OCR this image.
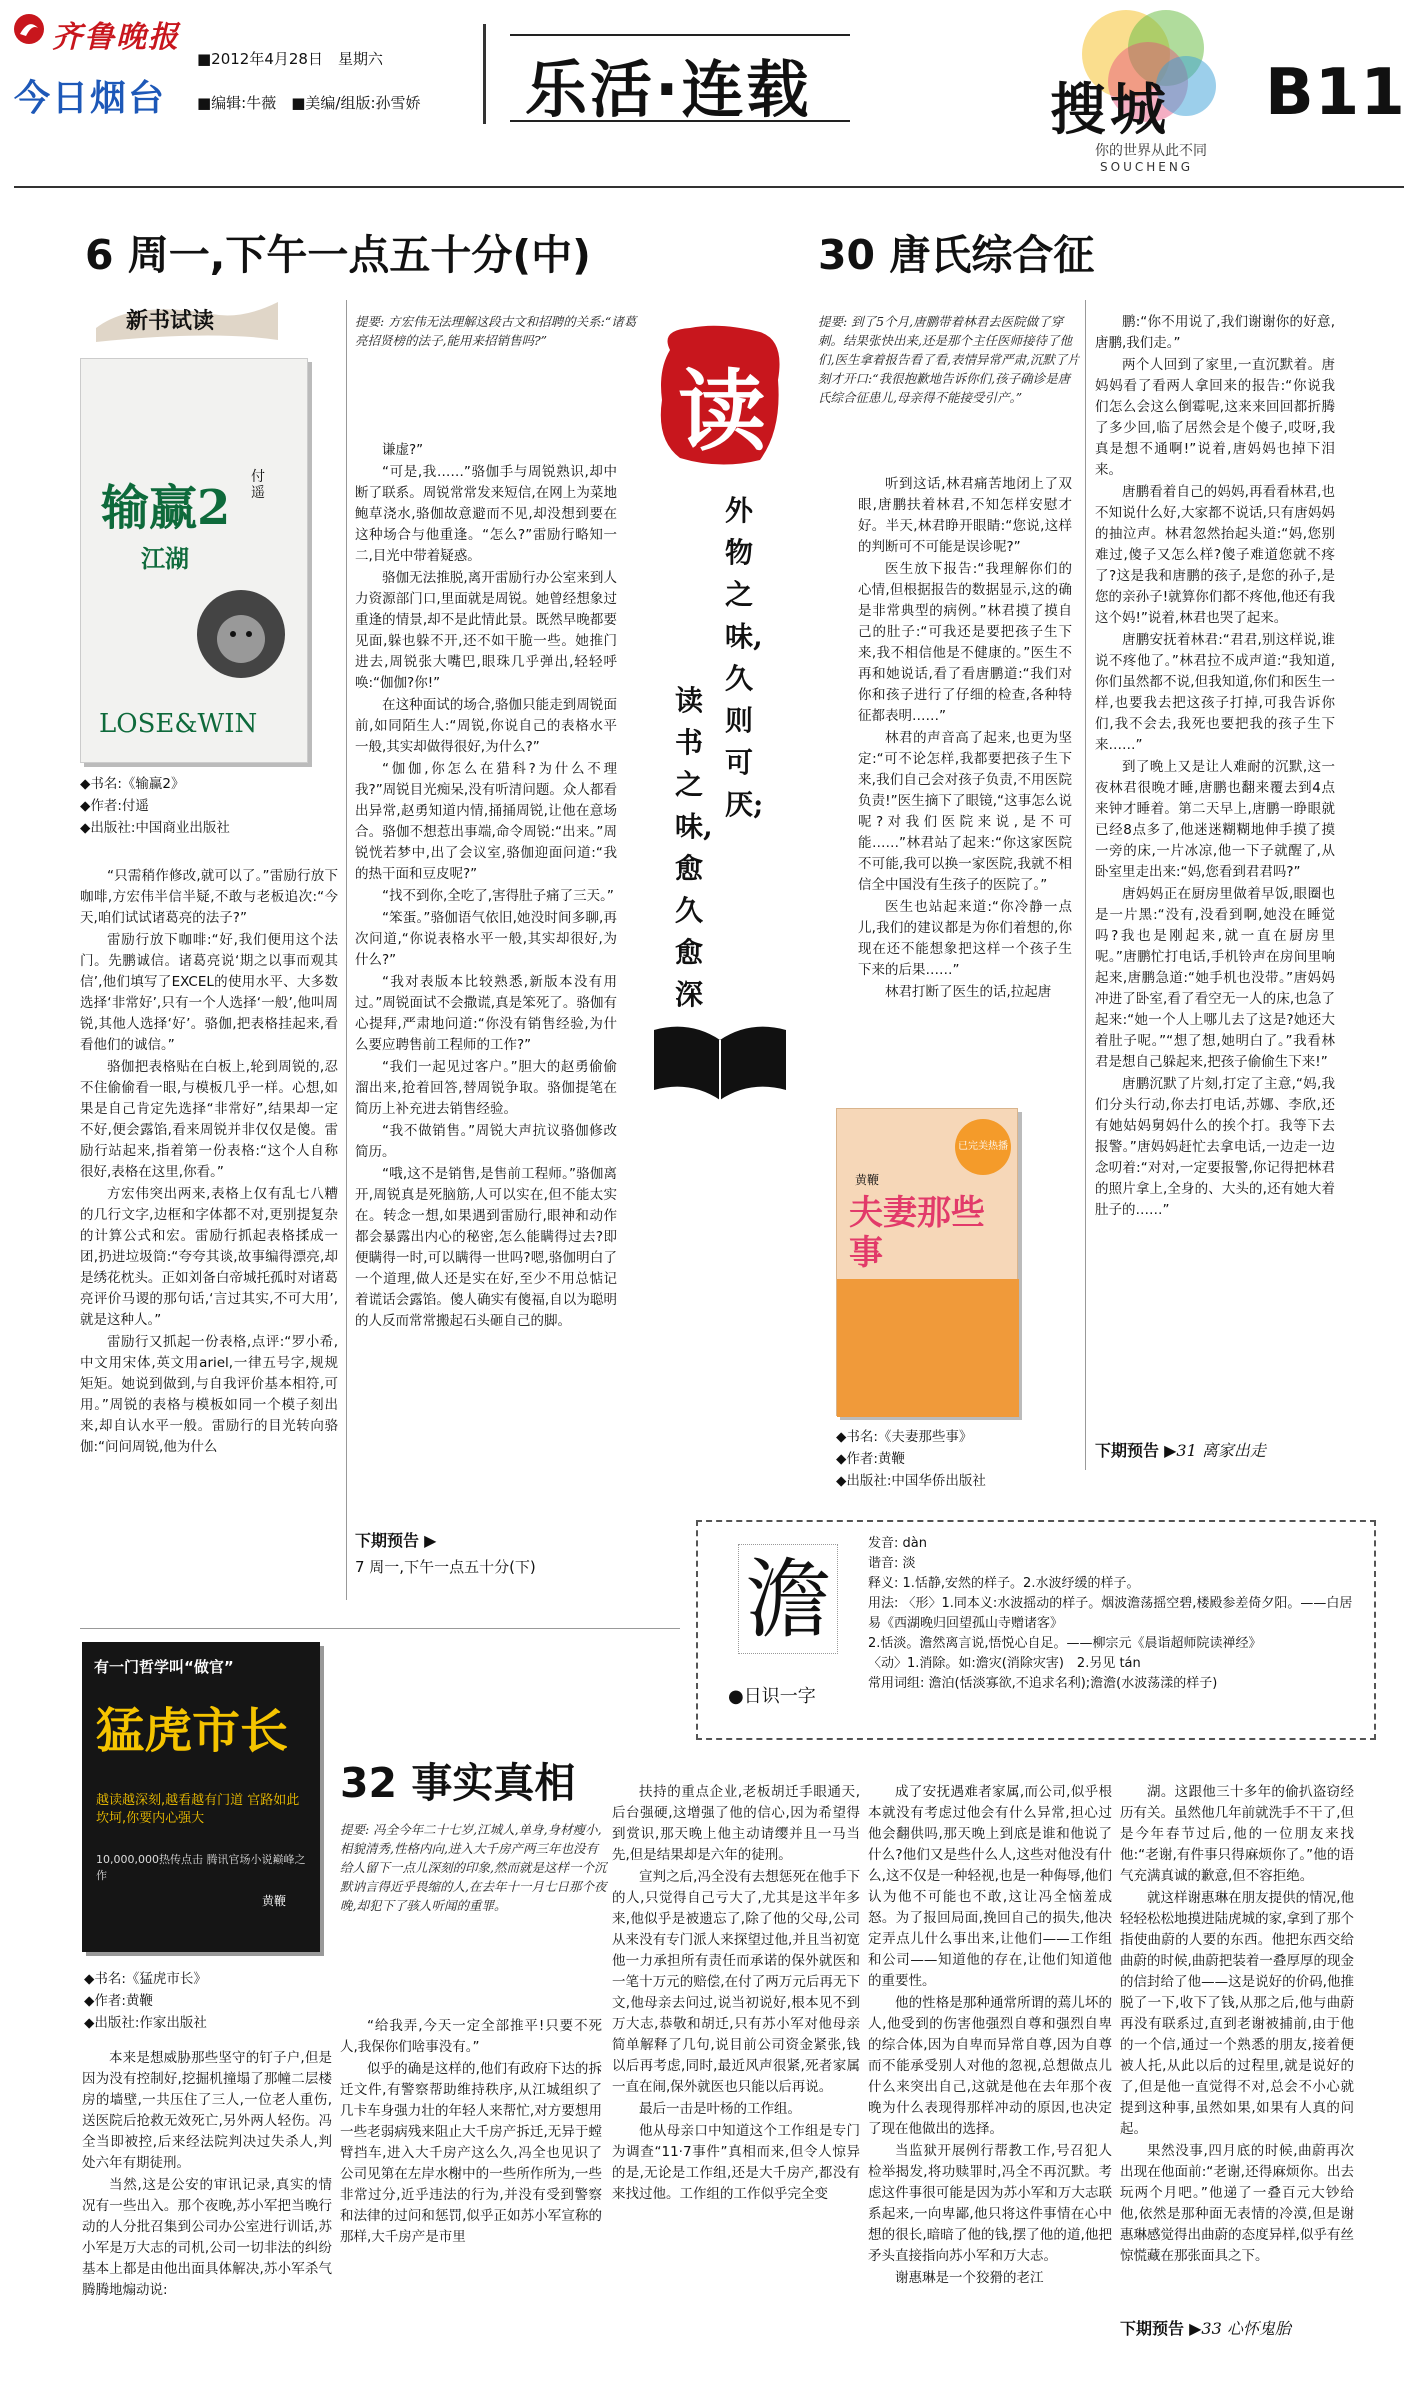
齐鲁晚报
今日烟台
■2012年4月28日　星期六
■编辑:牛薇　■美编/组版:孙雪娇 乐活·连载	搜城
你的世界从此不同
SOUCHENG
B11
6 周一,下午一点五十分(中)
新书试读
输赢2
江湖
付遥
LOSE&WIN
◆书名:《输赢2》
◆作者:付遥
◆出版社:中国商业出版社
提要: 方宏伟无法理解这段古文和招聘的关系:“诸葛亮招贤榜的法子,能用来招销售吗?”

“只需稍作修改,就可以了。”雷励行放下咖啡,方宏伟半信半疑,不敢与老板追次:“今天,咱们试试诸葛亮的法子?”

雷励行放下咖啡:“好,我们便用这个法门。先鹏诚信。诸葛亮说‘期之以事而观其信’,他们填写了EXCEL的使用水平、大多数选择‘非常好’,只有一个人选择‘一般’,他叫周锐,其他人选择‘好’。骆伽,把表格挂起来,看看他们的诚信。”

骆伽把表格贴在白板上,轮到周锐的,忍不住偷偷看一眼,与模板几乎一样。心想,如果是自己肯定先选择“非常好”,结果却一定不好,便会露馅,看来周锐并非仅仅是傻。雷励行站起来,指着第一份表格:“这个人自称很好,表格在这里,你看。”

方宏伟突出两来,表格上仅有乱七八糟的几行文字,边框和字体都不对,更别提复杂的计算公式和宏。雷励行抓起表格揉成一团,扔进垃圾筒:“夸夸其谈,故事编得漂亮,却是绣花枕头。正如刘备白帝城托孤时对诸葛亮评价马谡的那句话,‘言过其实,不可大用’,就是这种人。”

雷励行又抓起一份表格,点评:“罗小希,中文用宋体,英文用ariel,一律五号字,规规矩矩。她说到做到,与自我评价基本相符,可用。”周锐的表格与模板如同一个模子刻出来,却自认水平一般。雷励行的目光转向骆伽:“问问周锐,他为什么

谦虚?”

“可是,我……”骆伽手与周锐熟识,却中断了联系。周锐常常发来短信,在网上为菜地鲍草浇水,骆伽故意避而不见,却没想到要在这种场合与他重逢。“怎么?”雷励行略知一二,目光中带着疑惑。

骆伽无法推脱,离开雷励行办公室来到人力资源部门口,里面就是周锐。她曾经想象过重逢的情景,却不是此情此景。既然早晚都要见面,躲也躲不开,还不如干脆一些。她推门进去,周锐张大嘴巴,眼珠几乎弹出,轻轻呼唤:“伽伽?你!”

在这种面试的场合,骆伽只能走到周锐面前,如同陌生人:“周锐,你说自己的表格水平一般,其实却做得很好,为什么?”

“伽伽,你怎么在猎科?为什么不理我?”周锐目光痴呆,没有听清问题。众人都看出异常,赵勇知道内情,捅捅周锐,让他在意场合。骆伽不想惹出事端,命令周锐:“出来。”周锐恍若梦中,出了会议室,骆伽迎面问道:“我的热干面和豆皮呢?”

“找不到你,全吃了,害得肚子痛了三天。”

“笨蛋。”骆伽语气依旧,她没时间多聊,再次问道,“你说表格水平一般,其实却很好,为什么?”

“我对表版本比较熟悉,新版本没有用过。”周锐面试不会撒谎,真是笨死了。骆伽有心提拜,严肃地问道:“你没有销售经验,为什么要应聘售前工程师的工作?”

“我们一起见过客户。”胆大的赵勇偷偷溜出来,抢着回答,替周锐争取。骆伽提笔在简历上补充进去销售经验。

“我不做销售。”周锐大声抗议骆伽修改简历。

“哦,这不是销售,是售前工程师。”骆伽离开,周锐真是死脑筋,人可以实在,但不能太实在。转念一想,如果遇到雷励行,眼神和动作都会暴露出内心的秘密,怎么能瞒得过去?即便瞒得一时,可以瞒得一世吗?嗯,骆伽明白了一个道理,做人还是实在好,至少不用总惦记着谎话会露馅。傻人确实有傻福,自以为聪明的人反而常常搬起石头砸自己的脚。

下期预告 ▶
7 周一,下午一点五十分(下)
读
外物之味,久则可厌;
读书之味,愈久愈深
30 唐氏综合征
提要: 到了5个月,唐鹏带着林君去医院做了穿刺。结果张快出来,还是那个主任医师接待了他们,医生拿着报告看了看,表情异常严肃,沉默了片刻才开口:“我很抱歉地告诉你们,孩子确诊是唐氏综合征患儿,母亲得不能接受引产。”

听到这话,林君痛苦地闭上了双眼,唐鹏扶着林君,不知怎样安慰才好。半天,林君睁开眼睛:“您说,这样的判断可不可能是误诊呢?”

医生放下报告:“我理解你们的心情,但根据报告的数据显示,这的确是非常典型的病例。”林君摸了摸自己的肚子:“可我还是要把孩子生下来,我不相信他是不健康的。”医生不再和她说话,看了看唐鹏道:“我们对你和孩子进行了仔细的检查,各种特征都表明……”

林君的声音高了起来,也更为坚定:“可不论怎样,我都要把孩子生下来,我们自己会对孩子负责,不用医院负责!”医生摘下了眼镜,“这事怎么说呢?对我们医院来说,是不可能……”林君站了起来:“你这家医院不可能,我可以换一家医院,我就不相信全中国没有生孩子的医院了。”

医生也站起来道:“你冷静一点儿,我们的建议都是为你们着想的,你现在还不能想象把这样一个孩子生下来的后果……”

林君打断了医生的话,拉起唐

鹏:“你不用说了,我们谢谢你的好意,唐鹏,我们走。”

两个人回到了家里,一直沉默着。唐妈妈看了看两人拿回来的报告:“你说我们怎么会这么倒霉呢,这来来回回都折腾了多少回,临了居然会是个傻子,哎呀,我真是想不通啊!”说着,唐妈妈也掉下泪来。

唐鹏看着自己的妈妈,再看看林君,也不知说什么好,大家都不说话,只有唐妈妈的抽泣声。林君忽然抬起头道:“妈,您别难过,傻子又怎么样?傻子难道您就不疼了?这是我和唐鹏的孩子,是您的孙子,是您的亲孙子!就算你们都不疼他,他还有我这个妈!”说着,林君也哭了起来。

唐鹏安抚着林君:“君君,别这样说,谁说不疼他了。”林君拉不成声道:“我知道,你们虽然都不说,但我知道,你们和医生一样,也要我去把这孩子打掉,可我告诉你们,我不会去,我死也要把我的孩子生下来……”

到了晚上又是让人难耐的沉默,这一夜林君很晚才睡,唐鹏也翻来覆去到4点来钟才睡着。第二天早上,唐鹏一睁眼就已经8点多了,他迷迷糊糊地伸手摸了摸一旁的床,一片冰凉,他一下子就醒了,从卧室里走出来:“妈,您看到君君吗?”

唐妈妈正在厨房里做着早饭,眼圈也是一片黑:“没有,没看到啊,她没在睡觉吗?我也是刚起来,就一直在厨房里呢。”唐鹏忙打电话,手机铃声在房间里响起来,唐鹏急道:“她手机也没带。”唐妈妈冲进了卧室,看了看空无一人的床,也急了起来:“她一个人上哪儿去了这是?她还大着肚子呢。”“想了想,她明白了。”我看林君是想自己躲起来,把孩子偷偷生下来!”

唐鹏沉默了片刻,打定了主意,“妈,我们分头行动,你去打电话,苏娜、李欣,还有她姑妈舅妈什么的挨个打。我等下去报警。”唐妈妈赶忙去拿电话,一边走一边念叨着:“对对,一定要报警,你记得把林君的照片拿上,全身的、大头的,还有她大着肚子的……”

已完美热播
黄鞭
夫妻那些事
◆书名:《夫妻那些事》
◆作者:黄鞭
◆出版社:中国华侨出版社
下期预告 ▶31 离家出走
澹
●日识一字
发音: dàn
谐音: 淡
释义: 1.恬静,安然的样子。2.水波纾缓的样子。
用法: 〈形〉1.同本义:水波摇动的样子。烟波澹荡摇空碧,楼殿参差倚夕阳。——白居易《西湖晚归回望孤山寺赠诸客》
2.恬淡。澹然离言说,悟悦心自足。——柳宗元《晨诣超师院读禅经》
〈动〉1.消除。如:澹灾(消除灾害)　2.另见 tán
常用词组: 澹泊(恬淡寡欲,不追求名利);澹澹(水波荡漾的样子)
有一门哲学叫“做官”
猛虎市长
越读越深刻,越看越有门道 官路如此坎坷,你要内心强大
10,000,000热传点击 腾讯官场小说巅峰之作
黄鞭
◆书名:《猛虎市长》
◆作者:黄鞭
◆出版社:作家出版社
32 事实真相
提要: 冯全今年二十七岁,江城人,单身,身材瘦小,相貌清秀,性格内向,进入大千房产两三年也没有给人留下一点儿深刻的印象,然而就是这样一个沉默讷言得近乎畏缩的人,在去年十一月七日那个夜晚,却犯下了骇人听闻的重罪。

本来是想威胁那些坚守的钉子户,但是因为没有控制好,挖掘机撞塌了那幢二层楼房的墙壁,一共压住了三人,一位老人重伤,送医院后抢救无效死亡,另外两人轻伤。冯全当即被控,后来经法院判决过失杀人,判处六年有期徒刑。

当然,这是公安的审讯记录,真实的情况有一些出入。那个夜晚,苏小军把当晚行动的人分批召集到公司办公室进行训话,苏小军是万大志的司机,公司一切非法的纠纷基本上都是由他出面具体解决,苏小军杀气腾腾地煽动说:

“给我弄,今天一定全部推平!只要不死人,我保你们啥事没有。”

似乎的确是这样的,他们有政府下达的拆迁文件,有警察帮助维持秩序,从江城组织了几卡车身强力壮的年轻人来帮忙,对方要想用一些老弱病残来阻止大千房产拆迁,无异于螳臂挡车,进入大千房产这么久,冯全也见识了公司见第在左岸水榭中的一些所作所为,一些非常过分,近乎违法的行为,并没有受到警察和法律的过问和惩罚,似乎正如苏小军宣称的那样,大千房产是市里

扶持的重点企业,老板胡迁手眼通天,后台强硬,这增强了他的信心,因为希望得到赏识,那天晚上他主动请缨并且一马当先,但是结果却是六年的徒刑。

宣判之后,冯全没有去想惩死在他手下的人,只觉得自己亏大了,尤其是这半年多来,他似乎是被遗忘了,除了他的父母,公司从来没有专门派人来探望过他,并且当初宽他一力承担所有责任而承诺的保外就医和一笔十万元的赔偿,在付了两万元后再无下文,他母亲去问过,说当初说好,根本见不到万大志,恭敬和胡迁,只有苏小军对他母亲简单解释了几句,说目前公司资金紧张,钱以后再考虑,同时,最近风声很紧,死者家属一直在闹,保外就医也只能以后再说。

最后一击是叶杨的工作组。

他从母亲口中知道这个工作组是专门为调查“11·7事件”真相而来,但令人惊异的是,无论是工作组,还是大千房产,都没有来找过他。工作组的工作似乎完全变

成了安抚遇难者家属,而公司,似乎根本就没有考虑过他会有什么异常,担心过他会翻供吗,那天晚上到底是谁和他说了什么?他们又是些什么人,这些对他没有什么,这不仅是一种轻视,也是一种侮辱,他们认为他不可能也不敢,这让冯全恼羞成怒。为了报回局面,挽回自己的损失,他决定弄点儿什么事出来,让他们——工作组和公司——知道他的存在,让他们知道他的重要性。

他的性格是那种通常所谓的蔫儿坏的人,他受到的伤害他强烈自尊和强烈自卑的综合体,因为自卑而异常自尊,因为自尊而不能承受别人对他的忽视,总想做点儿什么来突出自己,这就是他在去年那个夜晚为什么表现得那样冲动的原因,也决定了现在他做出的选择。

当监狱开展例行帮教工作,号召犯人检举揭发,将功赎罪时,冯全不再沉默。考虑这件事很可能是因为苏小军和万大志联系起来,一向卑鄙,他只将这件事情在心中想的很长,暗暗了他的钱,摆了他的道,他把矛头直接指向苏小军和万大志。

谢惠琳是一个狡猾的老江

湖。这跟他三十多年的偷扒盗窃经历有关。虽然他几年前就洗手不干了,但是今年春节过后,他的一位朋友来找他:“老谢,有件事只得麻烦你了。”他的语气充满真诚的歉意,但不容拒绝。

就这样谢惠琳在朋友提供的情况,他轻轻松松地摸进陆虎城的家,拿到了那个指使曲蔚的人要的东西。他把东西交给曲蔚的时候,曲蔚把装着一叠厚厚的现金的信封给了他——这是说好的价码,他推脱了一下,收下了钱,从那之后,他与曲蔚再没有联系过,直到老谢被捕前,由于他的一个信,通过一个熟悉的朋友,接着便被人托,从此以后的过程里,就是说好的了,但是他一直觉得不对,总会不小心就提到这种事,虽然如果,如果有人真的问起。

果然没事,四月底的时候,曲蔚再次出现在他面前:“老谢,还得麻烦你。出去玩两个月吧。”他递了一叠百元大钞给他,依然是那种面无表情的冷漠,但是谢惠琳感觉得出曲蔚的态度异样,似乎有丝惊慌藏在那张面具之下。

下期预告 ▶33 心怀鬼胎
